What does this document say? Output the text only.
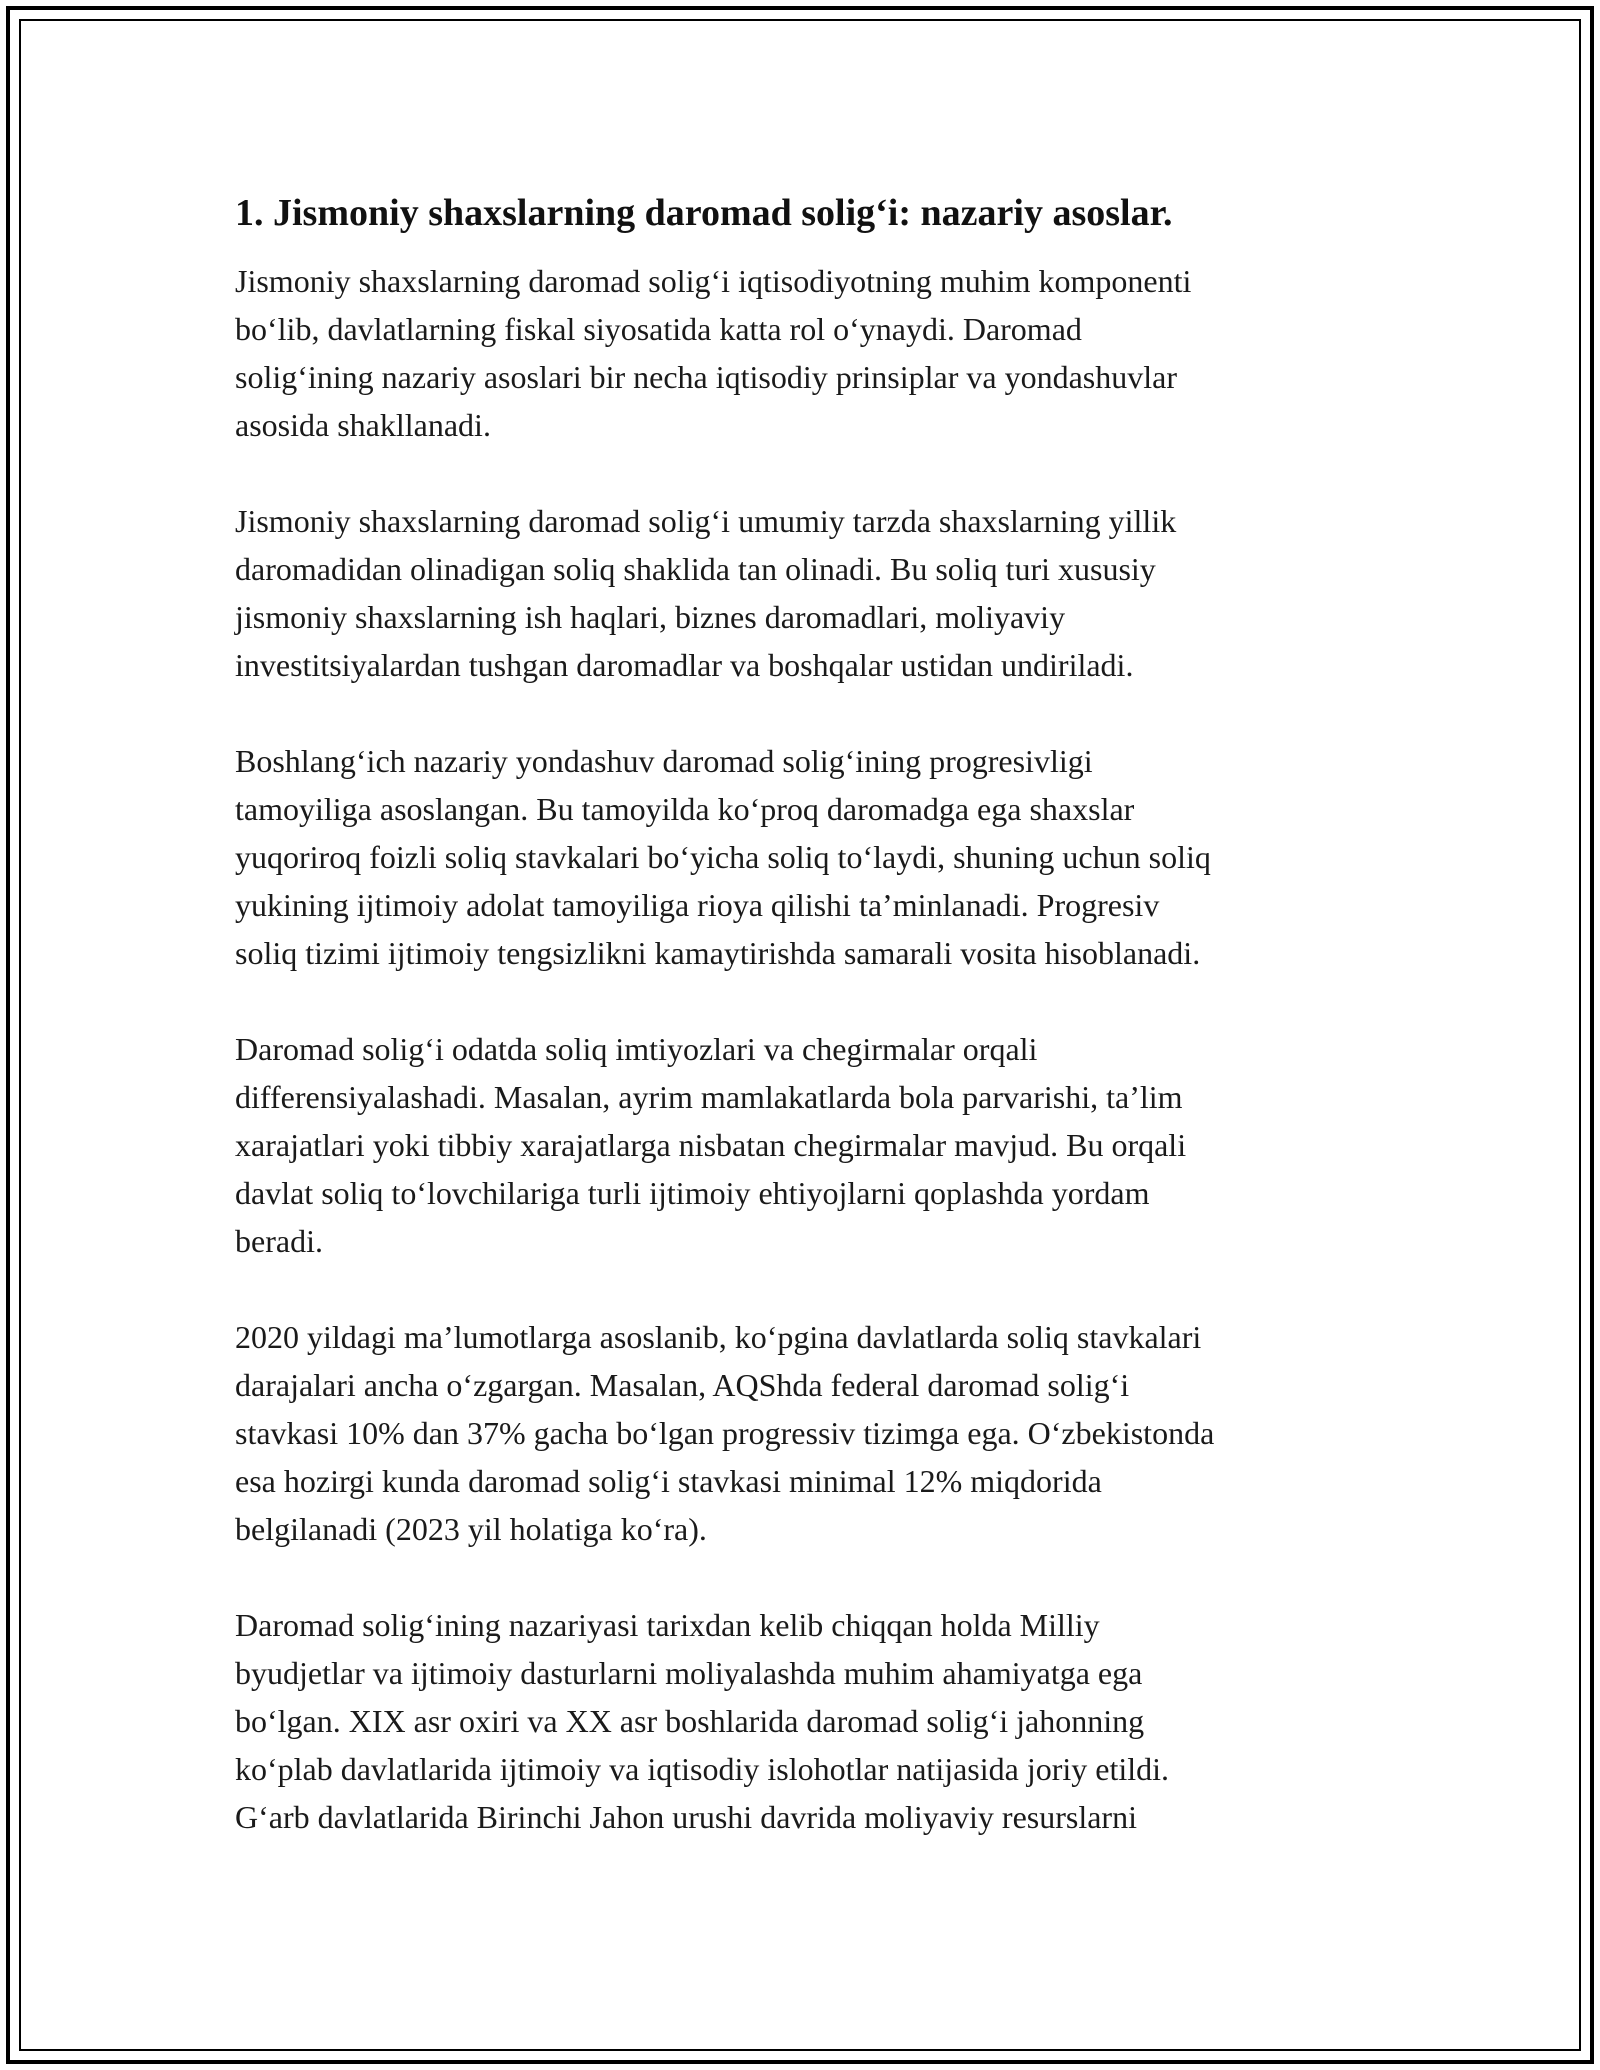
1. Jismoniy shaxslarning daromad solig‘i: nazariy asoslar.

Jismoniy shaxslarning daromad solig‘i iqtisodiyotning muhim komponenti
bo‘lib, davlatlarning fiskal siyosatida katta rol o‘ynaydi. Daromad
solig‘ining nazariy asoslari bir necha iqtisodiy prinsiplar va yondashuvlar
asosida shakllanadi.

Jismoniy shaxslarning daromad solig‘i umumiy tarzda shaxslarning yillik
daromadidan olinadigan soliq shaklida tan olinadi. Bu soliq turi xususiy
jismoniy shaxslarning ish haqlari, biznes daromadlari, moliyaviy
investitsiyalardan tushgan daromadlar va boshqalar ustidan undiriladi.

Boshlang‘ich nazariy yondashuv daromad solig‘ining progresivligi
tamoyiliga asoslangan. Bu tamoyilda ko‘proq daromadga ega shaxslar
yuqoriroq foizli soliq stavkalari bo‘yicha soliq to‘laydi, shuning uchun soliq
yukining ijtimoiy adolat tamoyiliga rioya qilishi ta’minlanadi. Progresiv
soliq tizimi ijtimoiy tengsizlikni kamaytirishda samarali vosita hisoblanadi.

Daromad solig‘i odatda soliq imtiyozlari va chegirmalar orqali
differensiyalashadi. Masalan, ayrim mamlakatlarda bola parvarishi, ta’lim
xarajatlari yoki tibbiy xarajatlarga nisbatan chegirmalar mavjud. Bu orqali
davlat soliq to‘lovchilariga turli ijtimoiy ehtiyojlarni qoplashda yordam
beradi.

2020 yildagi ma’lumotlarga asoslanib, ko‘pgina davlatlarda soliq stavkalari
darajalari ancha o‘zgargan. Masalan, AQShda federal daromad solig‘i
stavkasi 10% dan 37% gacha bo‘lgan progressiv tizimga ega. O‘zbekistonda
esa hozirgi kunda daromad solig‘i stavkasi minimal 12% miqdorida
belgilanadi (2023 yil holatiga ko‘ra).

Daromad solig‘ining nazariyasi tarixdan kelib chiqqan holda Milliy
byudjetlar va ijtimoiy dasturlarni moliyalashda muhim ahamiyatga ega
bo‘lgan. XIX asr oxiri va XX asr boshlarida daromad solig‘i jahonning
ko‘plab davlatlarida ijtimoiy va iqtisodiy islohotlar natijasida joriy etildi.
G‘arb davlatlarida Birinchi Jahon urushi davrida moliyaviy resurslarni
